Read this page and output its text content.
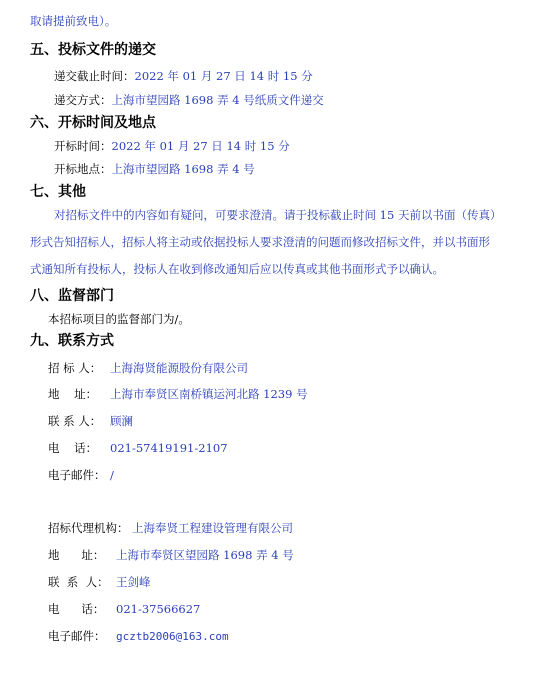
取请提前致电）。
五、投标文件的递交
递交截止时间：2022 年 01 月 27 日 14 时 15 分
递交方式：上海市望园路 1698 弄 4 号纸质文件递交
六、开标时间及地点
开标时间：2022 年 01 月 27 日 14 时 15 分
开标地点：上海市望园路 1698 弄 4 号
七、其他
对招标文件中的内容如有疑问，可要求澄清。请于投标截止时间 15 天前以书面（传真）
形式告知招标人，招标人将主动或依据投标人要求澄清的问题而修改招标文件，并以书面形
式通知所有投标人，投标人在收到修改通知后应以传真或其他书面形式予以确认。
八、监督部门
本招标项目的监督部门为/。
九、联系方式
招 标 人： 上海海贤能源股份有限公司
地    址： 上海市奉贤区南桥镇运河北路 1239 号
联 系 人： 顾澜
电    话： 021-57419191-2107
电子邮件： /
招标代理机构： 上海奉贤工程建设管理有限公司
地      址： 上海市奉贤区望园路 1698 弄 4 号
联  系  人： 王剑峰
电      话： 021-37566627
电子邮件： gcztb2006@163.com
